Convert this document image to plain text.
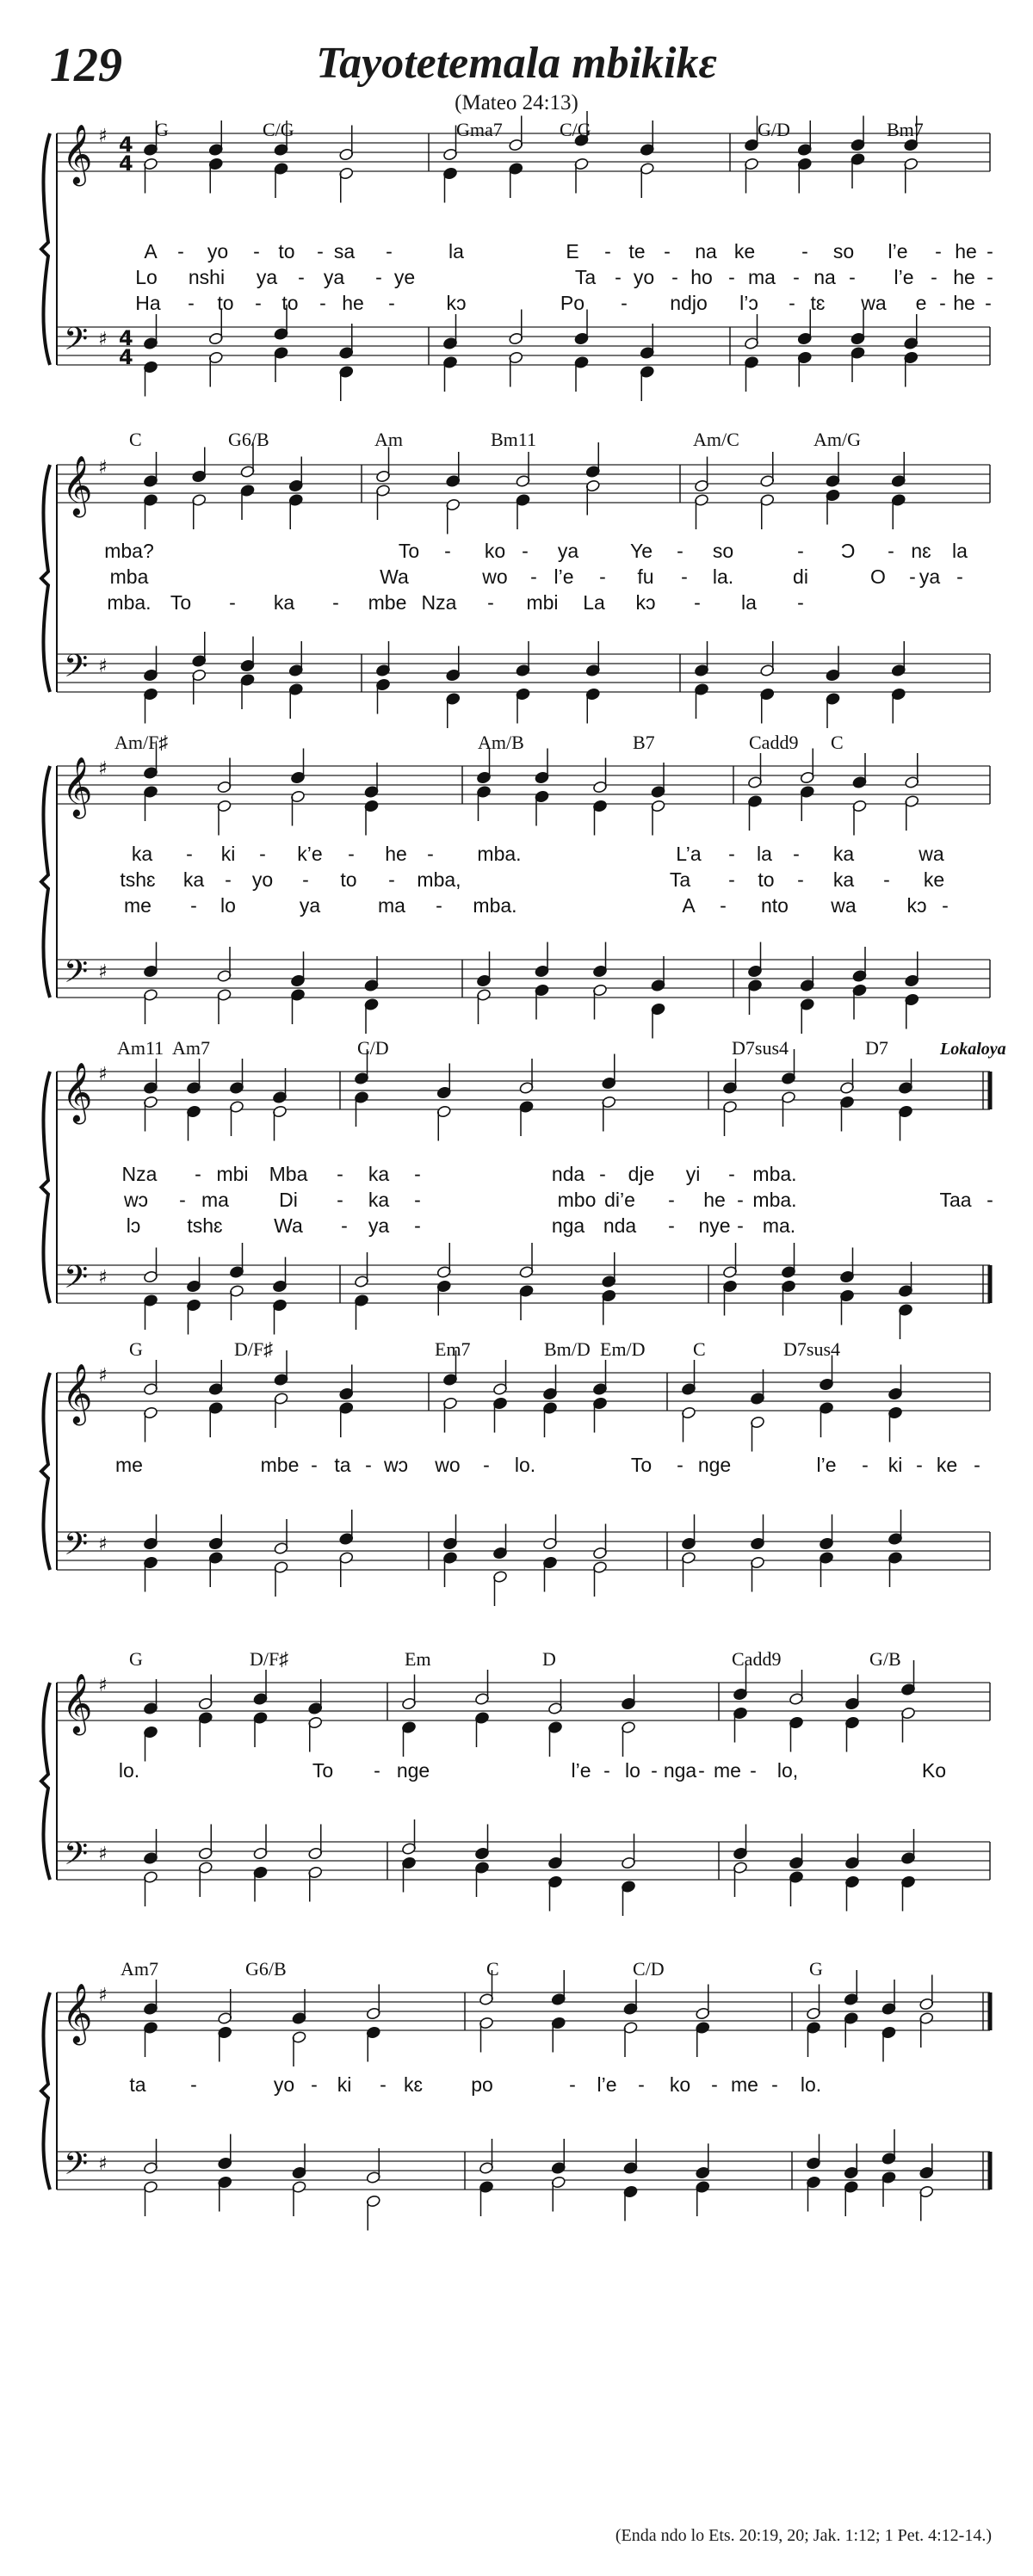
129	Tayotetemala mbikikɛ
(Mateo 24:13)
𝄞
𝄢
♯
♯
4
4
4
4
G	C/G	Gma7	C/G	G/D	Bm7
A - yo - to - sa -	la	E - te - na ke - so l’e - he -
Lo nshi ya - ya - ye	Ta - yo - ho - ma - na - l’e - he -
Ha - to - to - he -	kɔ	Po - ndjo l’ɔ - tɛ wa e - he -
𝄞
𝄢
♯
♯
C	G6/B	Am	Bm11	Am/C	Am/G
mba?	To - ko - ya	Ye - so	Ɔ - nɛ la
-
mba	Wa	wo - l’e - fu - la.	O - ya -
di
mba. To - ka - mbe Nza - mbi La kɔ - la -
𝄞
𝄢
♯
♯
Am/F♯	Am/B	B7	Cadd9 C
ka - ki - k’e - he - mba.	L’a - la - ka	wa
tshɛ ka - yo - to - mba,	Ta - to - ka - ke
me - lo	ya	ma - mba.	A - nto wa	kɔ -
𝄞
𝄢
♯
♯
Am11 Am7	C/D	D7sus4	D7	Lokaloya
Nza - mbi Mba - ka -	nda - dje yi - mba.
wɔ - ma	Di - ka -	mbo di’e - he - mba.	Taa -
lɔ tshɛ	Wa - ya -	nga nda - nye - ma.
𝄞
𝄢
♯
♯
G	D/F♯	Em7	Bm/D Em/D	C	D7sus4
me	mbe - ta - wɔ wo - lo.	To - nge	l’e - ki - ke -
𝄞
𝄢
♯
♯
G	D/F♯	Em	D	Cadd9	G/B
lo.	To - nge	l’e - lo - nga - me - lo,	Ko
𝄞
𝄢
♯
♯
Am7	G6/B	C	C/D	G
ta -	yo - ki - kɛ po	- l’e - ko - me - lo.
(Enda ndo lo Ets. 20:19, 20; Jak. 1:12; 1 Pet. 4:12-14.)
